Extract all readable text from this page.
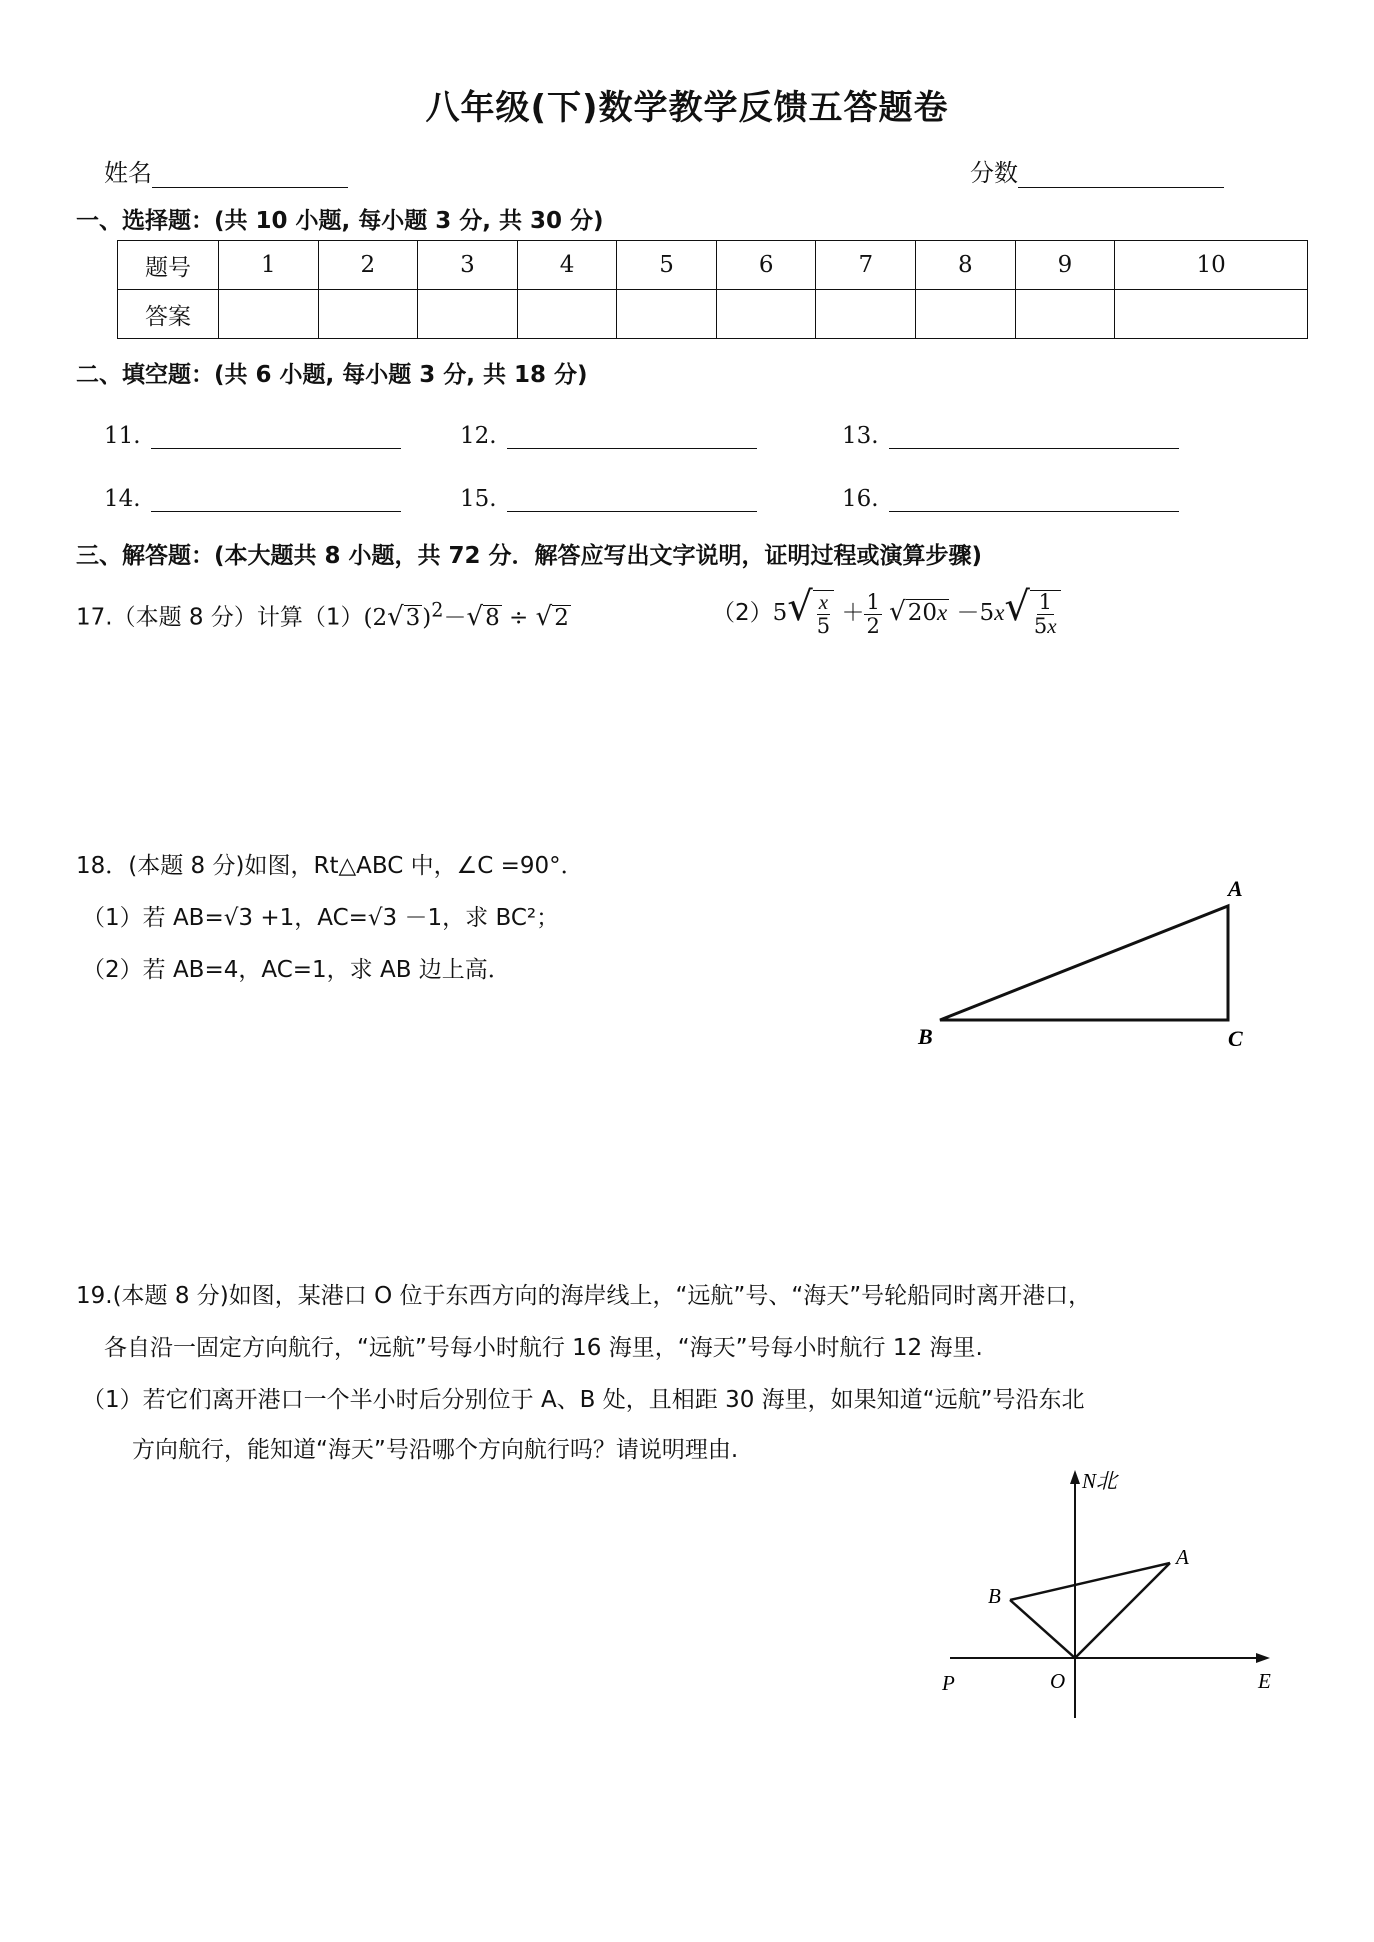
八年级(下)数学教学反馈五答题卷
姓名	分数
一、选择题：(共 10 小题, 每小题 3 分, 共 30 分)
题号	1	2	3	4	5	6	7	8	9	10
答案										
二、填空题：(共 6 小题, 每小题 3 分, 共 18 分)
11.	12.	13.
14.	15.	16.
三、解答题：(本大题共 8 小题，共 72 分．解答应写出文字说明，证明过程或演算步骤)
17.（本题 8 分）计算$(1)(2√3)^2-√8 \div √2$	$(2)5√ \frac{x}{5} + \frac{1}{2} √20x -5x√ \frac{1}{5x}$
18．(本题 8 分)如图，Rt△ABC 中，∠C =90°．
（1）若 AB=√3 +1，AC=√3 －1，求 BC²；
（2）若 AB=4，AC=1，求 AB 边上高．
A
B	C
19.(本题 8 分)如图，某港口 O 位于东西方向的海岸线上，“远航”号、“海天”号轮船同时离开港口，
各自沿一固定方向航行，“远航”号每小时航行 16 海里，“海天”号每小时航行 12 海里.
（1）若它们离开港口一个半小时后分别位于 A、B 处，且相距 30 海里，如果知道“远航”号沿东北
方向航行，能知道“海天”号沿哪个方向航行吗？请说明理由.
N北
A
B
P	O	E
